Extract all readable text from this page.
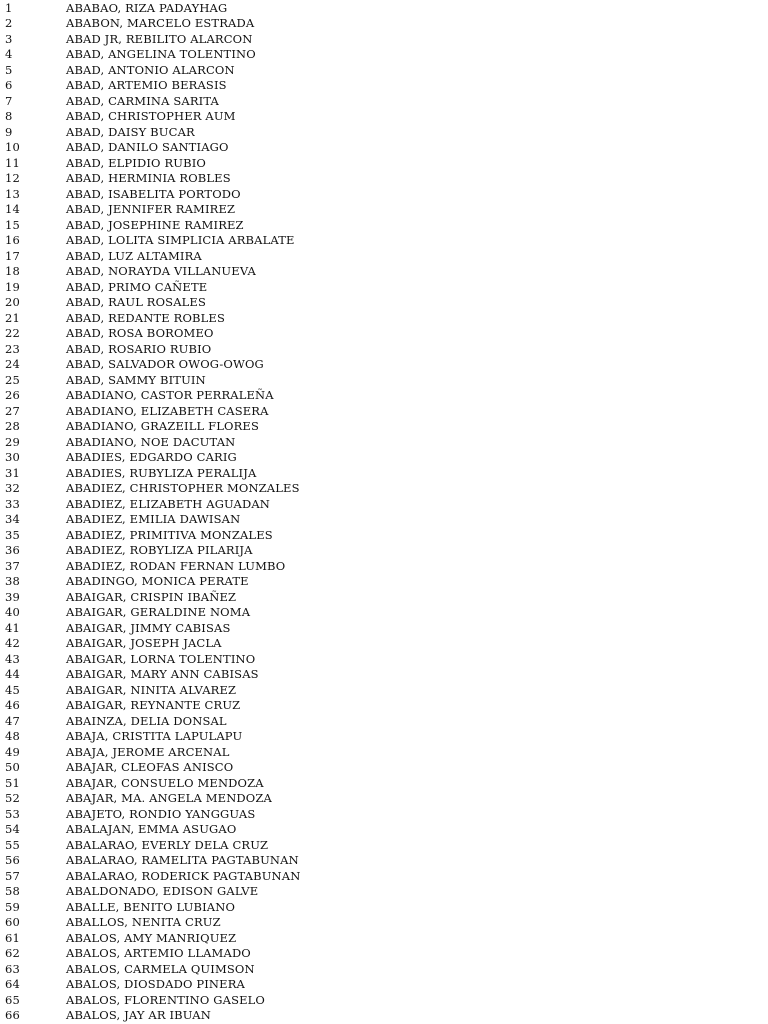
1	ABABAO, RIZA PADAYHAG
2	ABABON, MARCELO ESTRADA
3	ABAD JR, REBILITO ALARCON
4	ABAD, ANGELINA TOLENTINO
5	ABAD, ANTONIO ALARCON
6	ABAD, ARTEMIO BERASIS
7	ABAD, CARMINA SARITA
8	ABAD, CHRISTOPHER AUM
9	ABAD, DAISY BUCAR
10	ABAD, DANILO SANTIAGO
11	ABAD, ELPIDIO RUBIO
12	ABAD, HERMINIA ROBLES
13	ABAD, ISABELITA PORTODO
14	ABAD, JENNIFER RAMIREZ
15	ABAD, JOSEPHINE RAMIREZ
16	ABAD, LOLITA SIMPLICIA ARBALATE
17	ABAD, LUZ ALTAMIRA
18	ABAD, NORAYDA VILLANUEVA
19	ABAD, PRIMO CAÑETE
20	ABAD, RAUL ROSALES
21	ABAD, REDANTE ROBLES
22	ABAD, ROSA BOROMEO
23	ABAD, ROSARIO RUBIO
24	ABAD, SALVADOR OWOG-OWOG
25	ABAD, SAMMY BITUIN
26	ABADIANO, CASTOR PERRALEÑA
27	ABADIANO, ELIZABETH CASERA
28	ABADIANO, GRAZEILL FLORES
29	ABADIANO, NOE DACUTAN
30	ABADIES, EDGARDO CARIG
31	ABADIES, RUBYLIZA PERALIJA
32	ABADIEZ, CHRISTOPHER MONZALES
33	ABADIEZ, ELIZABETH AGUADAN
34	ABADIEZ, EMILIA DAWISAN
35	ABADIEZ, PRIMITIVA MONZALES
36	ABADIEZ, ROBYLIZA PILARIJA
37	ABADIEZ, RODAN FERNAN LUMBO
38	ABADINGO, MONICA PERATE
39	ABAIGAR, CRISPIN IBAÑEZ
40	ABAIGAR, GERALDINE NOMA
41	ABAIGAR, JIMMY CABISAS
42	ABAIGAR, JOSEPH JACLA
43	ABAIGAR, LORNA TOLENTINO
44	ABAIGAR, MARY ANN CABISAS
45	ABAIGAR, NINITA ALVAREZ
46	ABAIGAR, REYNANTE CRUZ
47	ABAINZA, DELIA DONSAL
48	ABAJA, CRISTITA LAPULAPU
49	ABAJA, JEROME ARCENAL
50	ABAJAR, CLEOFAS ANISCO
51	ABAJAR, CONSUELO MENDOZA
52	ABAJAR, MA. ANGELA MENDOZA
53	ABAJETO, RONDIO YANGGUAS
54	ABALAJAN, EMMA ASUGAO
55	ABALARAO, EVERLY DELA CRUZ
56	ABALARAO, RAMELITA PAGTABUNAN
57	ABALARAO, RODERICK PAGTABUNAN
58	ABALDONADO, EDISON GALVE
59	ABALLE, BENITO LUBIANO
60	ABALLOS, NENITA CRUZ
61	ABALOS, AMY MANRIQUEZ
62	ABALOS, ARTEMIO LLAMADO
63	ABALOS, CARMELA QUIMSON
64	ABALOS, DIOSDADO PINERA
65	ABALOS, FLORENTINO GASELO
66	ABALOS, JAY AR IBUAN
